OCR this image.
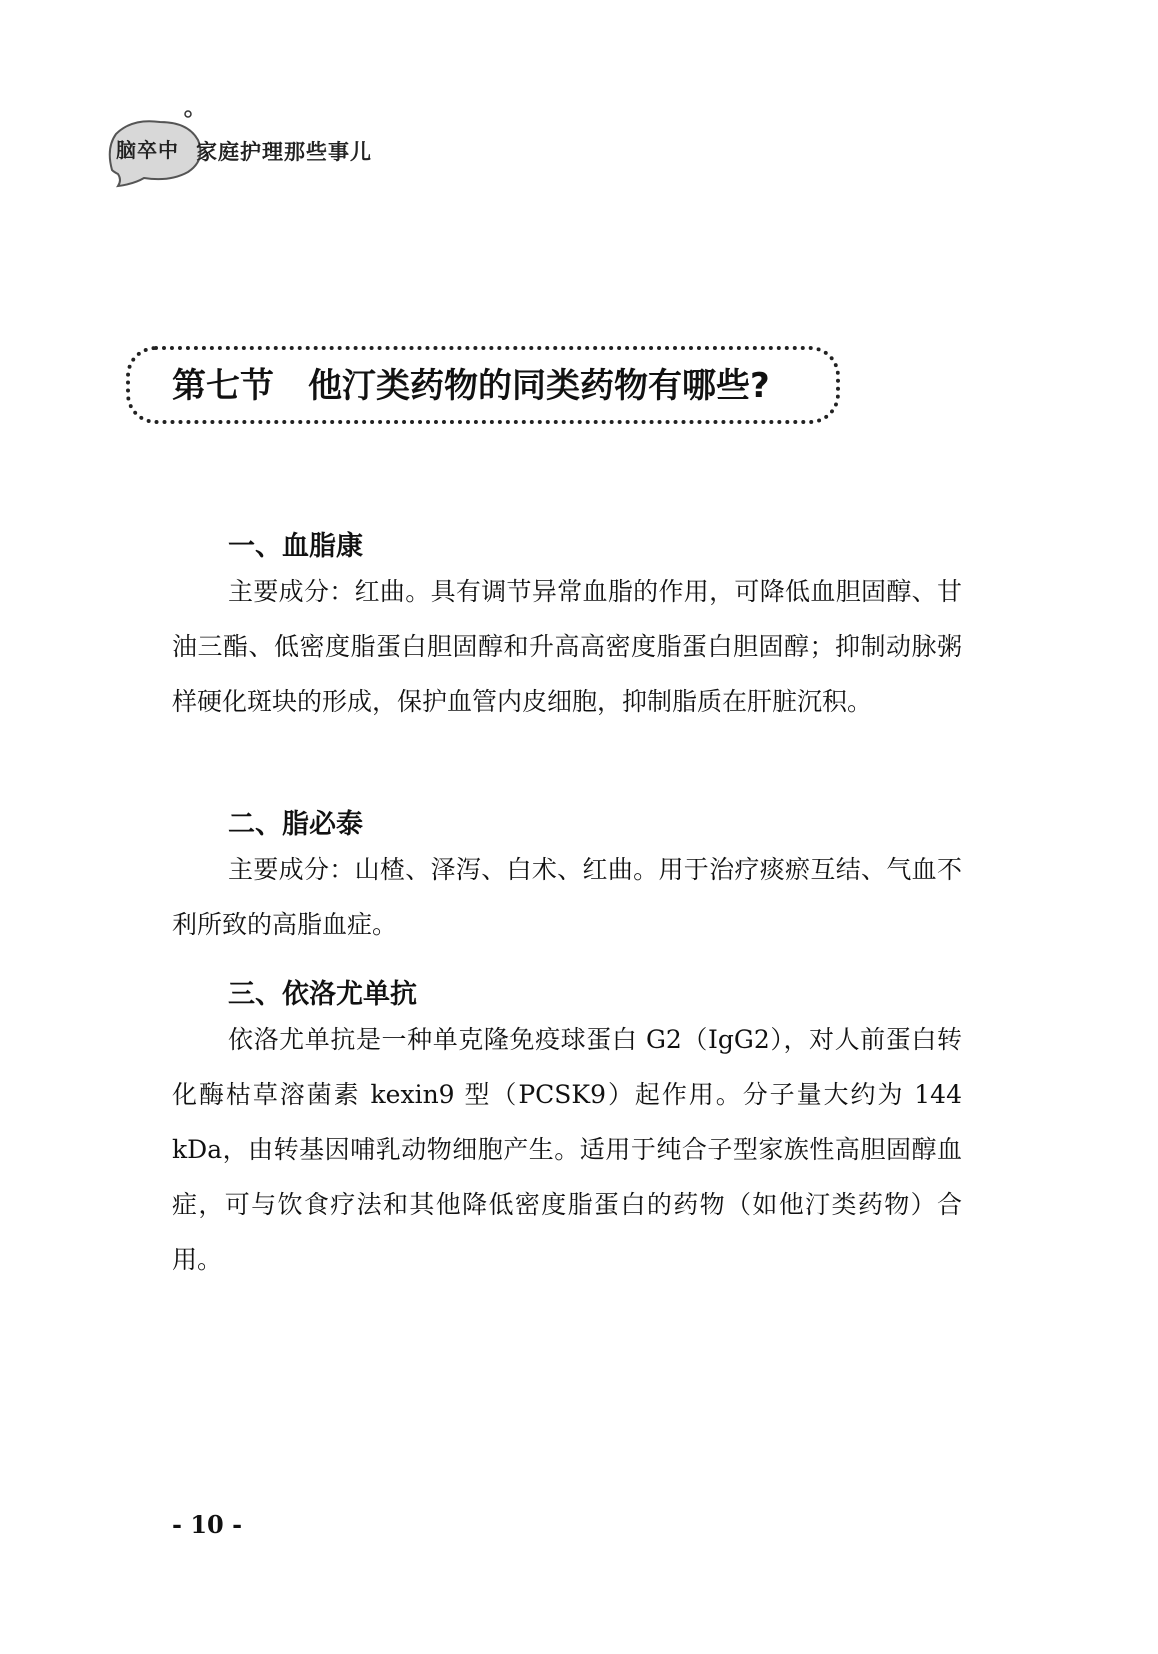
脑卒中 家庭护理那些事儿
第七节 他汀类药物的同类药物有哪些?
一、血脂康
主要成分：红曲。具有调节异常血脂的作用，可降低血胆固醇、甘油三酯、低密度脂蛋白胆固醇和升高高密度脂蛋白胆固醇；抑制动脉粥样硬化斑块的形成，保护血管内皮细胞，抑制脂质在肝脏沉积。
二、脂必泰
主要成分：山楂、泽泻、白术、红曲。用于治疗痰瘀互结、气血不利所致的高脂血症。
三、依洛尤单抗
依洛尤单抗是一种单克隆免疫球蛋白 G2（IgG2），对人前蛋白转化酶枯草溶菌素 kexin9 型（PCSK9）起作用。分子量大约为 144 kDa，由转基因哺乳动物细胞产生。适用于纯合子型家族性高胆固醇血症，可与饮食疗法和其他降低密度脂蛋白的药物（如他汀类药物）合用。
- 10 -
